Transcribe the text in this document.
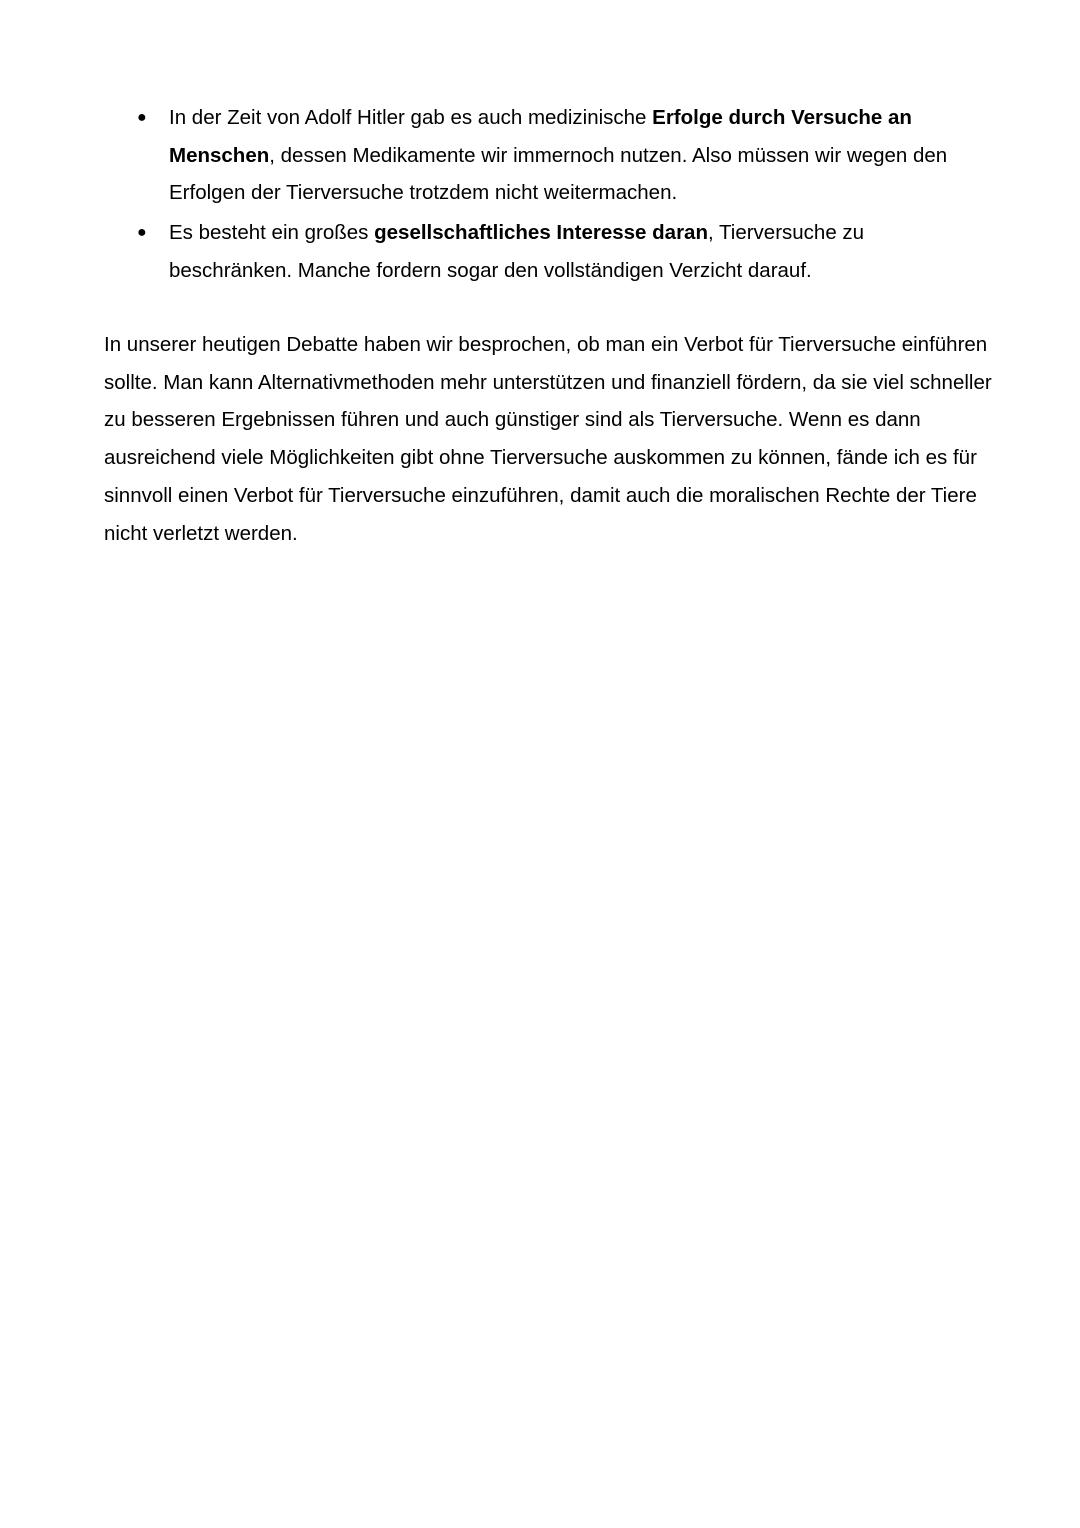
● In der Zeit von Adolf Hitler gab es auch medizinische Erfolge durch Versuche an Menschen, dessen Medikamente wir immernoch nutzen. Also müssen wir wegen den Erfolgen der Tierversuche trotzdem nicht weitermachen.
● Es besteht ein großes gesellschaftliches Interesse daran, Tierversuche zu beschränken. Manche fordern sogar den vollständigen Verzicht darauf.

In unserer heutigen Debatte haben wir besprochen, ob man ein Verbot für Tierversuche einführen sollte. Man kann Alternativmethoden mehr unterstützen und finanziell fördern, da sie viel schneller zu besseren Ergebnissen führen und auch günstiger sind als Tierversuche. Wenn es dann ausreichend viele Möglichkeiten gibt ohne Tierversuche auskommen zu können, fände ich es für sinnvoll einen Verbot für Tierversuche einzuführen, damit auch die moralischen Rechte der Tiere nicht verletzt werden.
